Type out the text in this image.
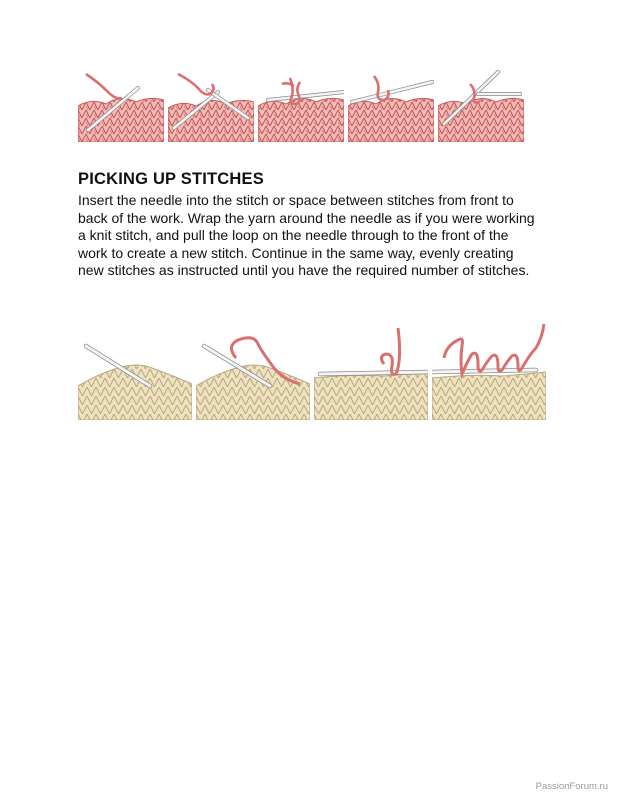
PICKING UP STITCHES

Insert the needle into the stitch or space between stitches from front to back of the work. Wrap the yarn around the needle as if you were working a knit stitch, and pull the loop on the needle through to the front of the work to create a new stitch. Continue in the same way, evenly creating new stitches as instructed until you have the required number of stitches.

PassionForum.ru
